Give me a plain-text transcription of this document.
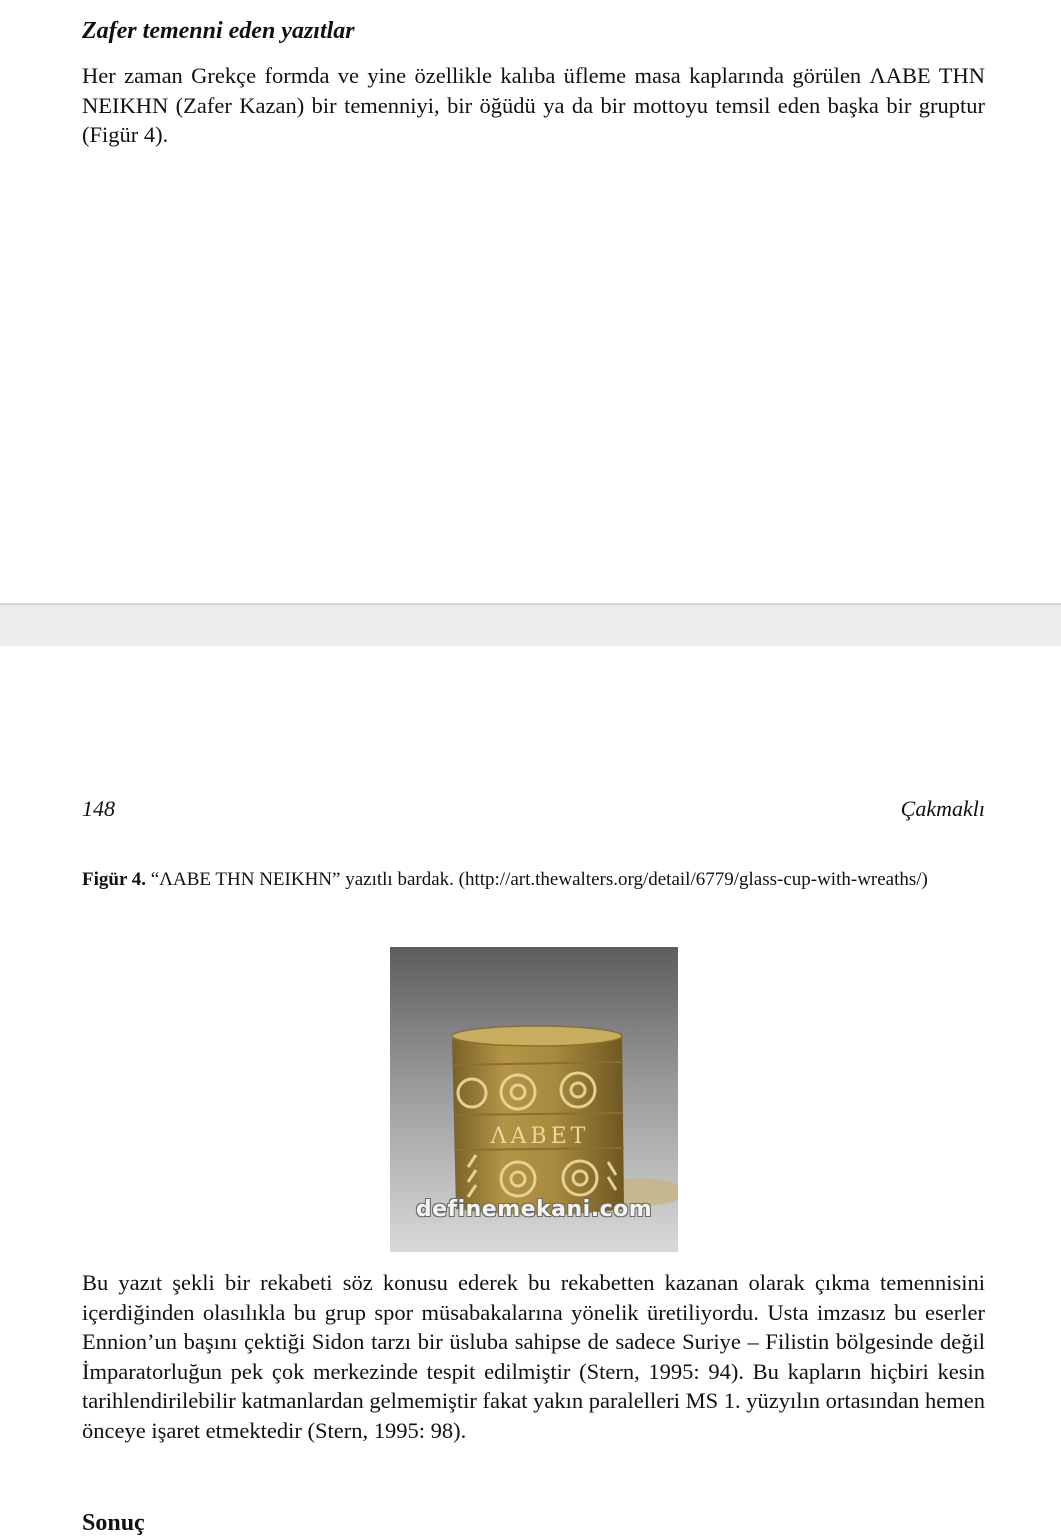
Zafer temenni eden yazıtlar

Her zaman Grekçe formda ve yine özellikle kalıba üfleme masa kaplarında görülen ΛABE THN NEIKHN (Zafer Kazan) bir temenniyi, bir öğüdü ya da bir mottoyu temsil eden başka bir gruptur (Figür 4).

148	Çakmaklı
Figür 4. “ΛABE THN NEIKHN” yazıtlı bardak. (http://art.thewalters.org/detail/6779/glass-cup-with-wreaths/)
ΛΑΒΕΤ
definemekani.com

Bu yazıt şekli bir rekabeti söz konusu ederek bu rekabetten kazanan olarak çıkma temennisini içerdiğinden olasılıkla bu grup spor müsabakalarına yönelik üretiliyordu. Usta imzasız bu eserler Ennion’un başını çektiği Sidon tarzı bir üsluba sahipse de sadece Suriye – Filistin bölgesinde değil İmparatorluğun pek çok merkezinde tespit edilmiştir (Stern, 1995: 94). Bu kapların hiçbiri kesin tarihlendirilebilir katmanlardan gelmemiştir fakat yakın paralelleri MS 1. yüzyılın ortasından hemen önceye işaret etmektedir (Stern, 1995: 98).

Sonuç
